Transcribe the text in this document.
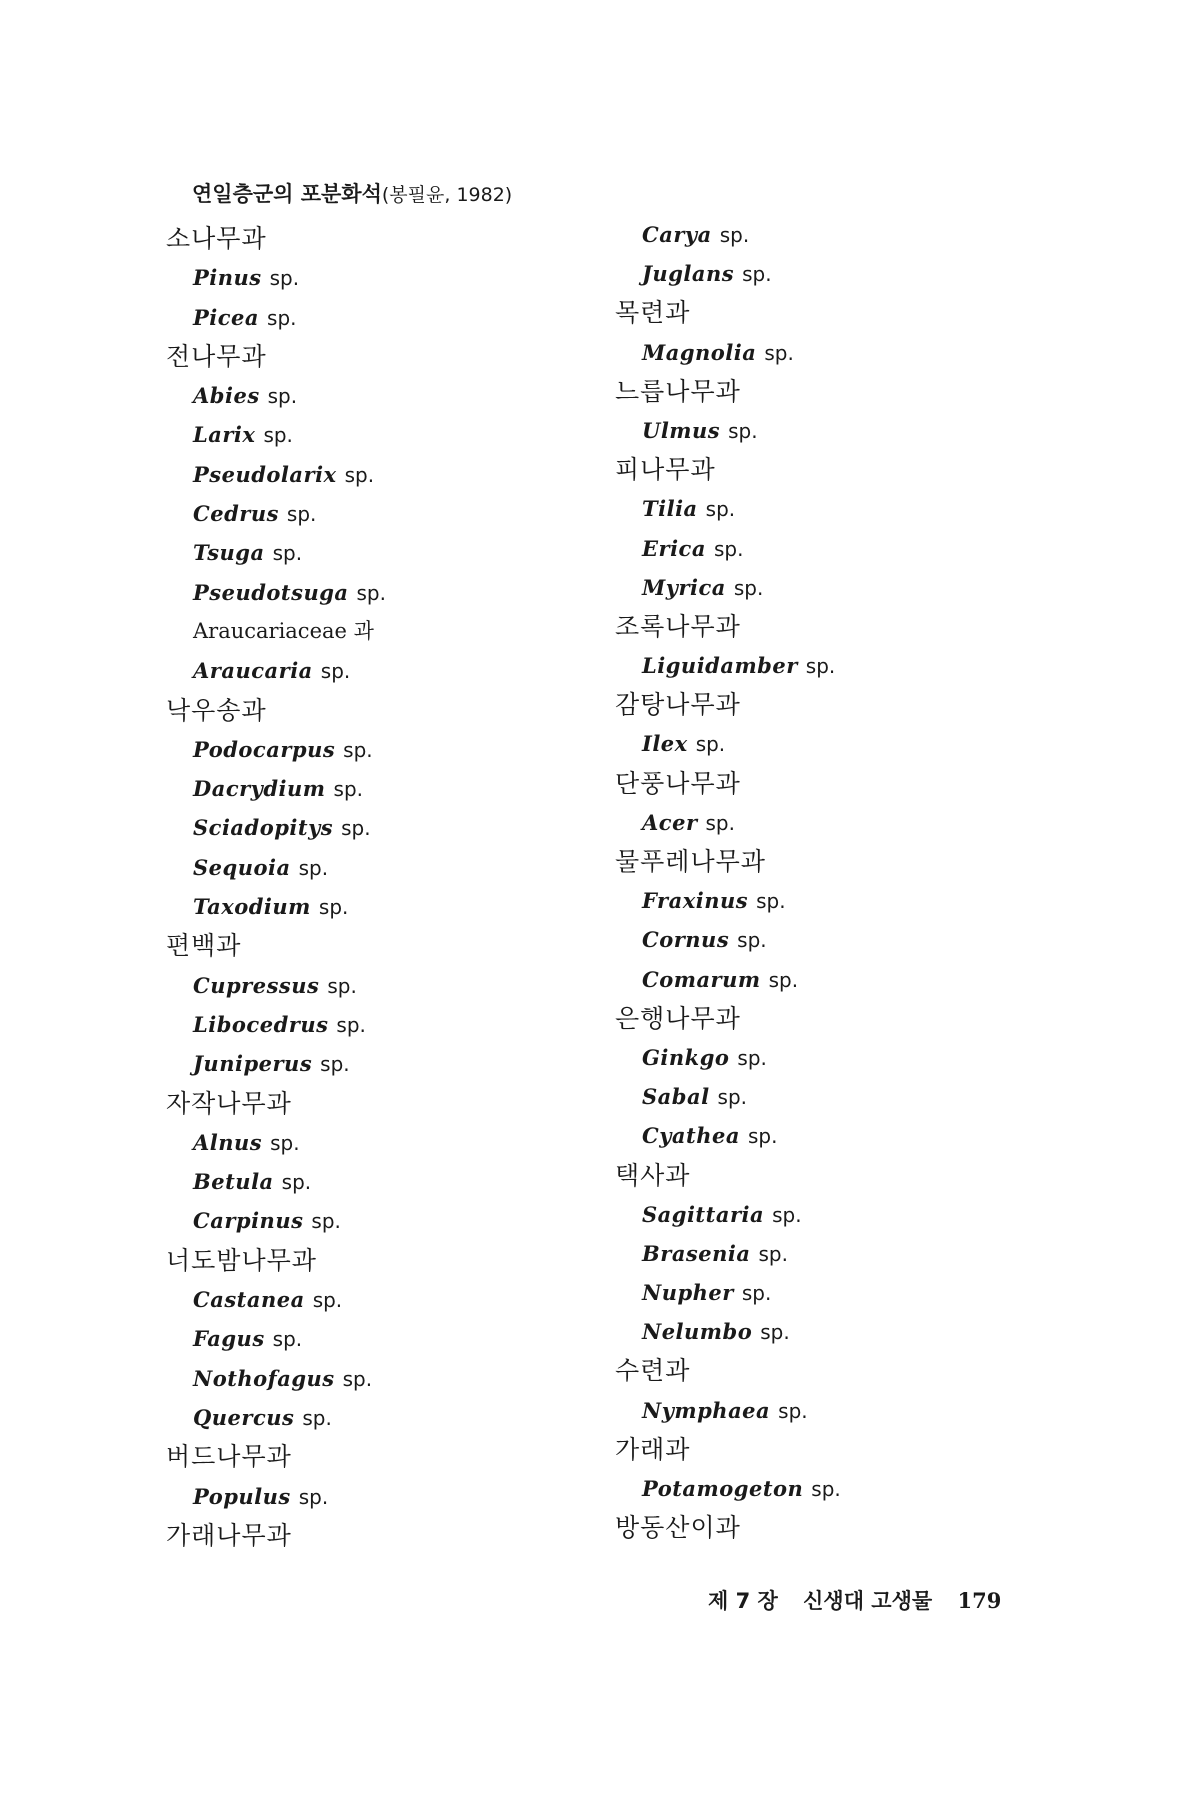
연일층군의 포분화석(봉필윤, 1982)
소나무과
Pinus sp.
Picea sp.
전나무과
Abies sp.
Larix sp.
Pseudolarix sp.
Cedrus sp.
Tsuga sp.
Pseudotsuga sp.
Araucariaceae 과
Araucaria sp.
낙우송과
Podocarpus sp.
Dacrydium sp.
Sciadopitys sp.
Sequoia sp.
Taxodium sp.
편백과
Cupressus sp.
Libocedrus sp.
Juniperus sp.
자작나무과
Alnus sp.
Betula sp.
Carpinus sp.
너도밤나무과
Castanea sp.
Fagus sp.
Nothofagus sp.
Quercus sp.
버드나무과
Populus sp.
가래나무과
Carya sp.
Juglans sp.
목련과
Magnolia sp.
느릅나무과
Ulmus sp.
피나무과
Tilia sp.
Erica sp.
Myrica sp.
조록나무과
Liguidamber sp.
감탕나무과
Ilex sp.
단풍나무과
Acer sp.
물푸레나무과
Fraxinus sp.
Cornus sp.
Comarum sp.
은행나무과
Ginkgo sp.
Sabal sp.
Cyathea sp.
택사과
Sagittaria sp.
Brasenia sp.
Nupher sp.
Nelumbo sp.
수련과
Nymphaea sp.
가래과
Potamogeton sp.
방동산이과
제 7 장 신생대 고생물 179
